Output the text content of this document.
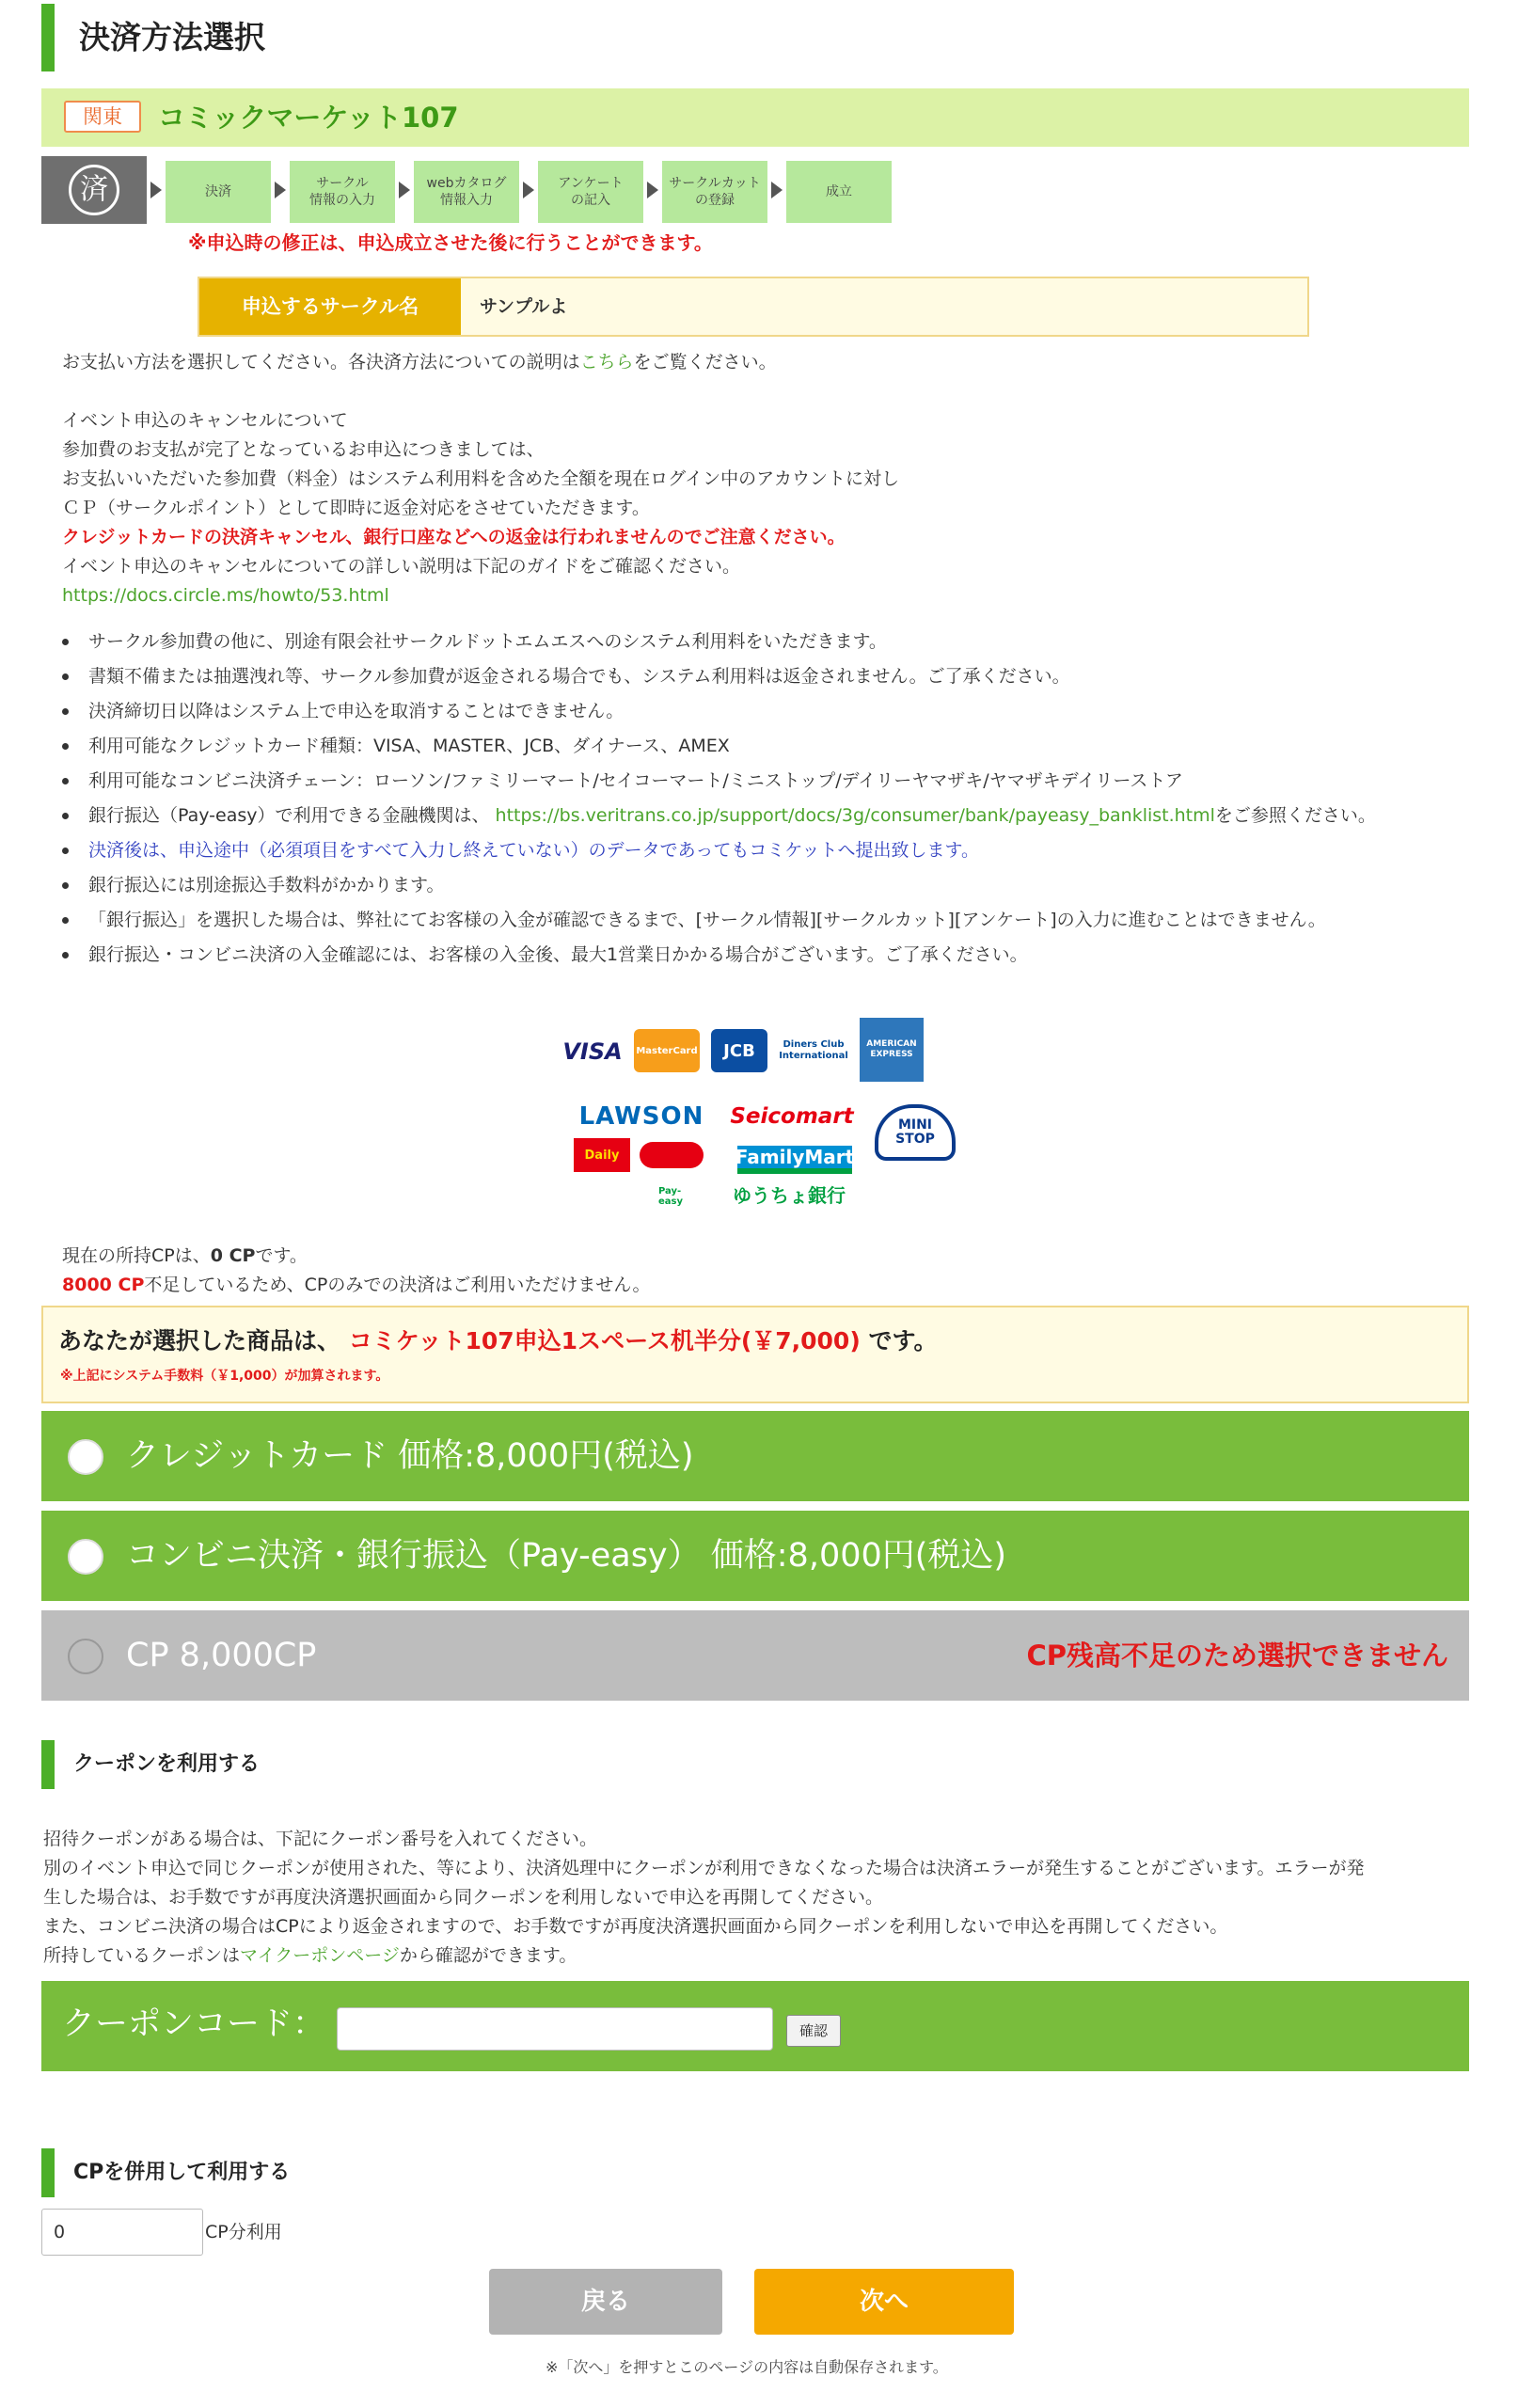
決済方法選択
関東	コミックマーケット107
済	決済
サークル
情報の入力
webカタログ
情報入力
アンケート
の記入
サークルカット
の登録
成立
※申込時の修正は、申込成立させた後に行うことができます。
申込するサークル名	サンプルよ
お支払い方法を選択してください。各決済方法についての説明はこちらをご覧ください。
イベント申込のキャンセルについて
参加費のお支払が完了となっているお申込につきましては、
お支払いいただいた参加費（料金）はシステム利用料を含めた全額を現在ログイン中のアカウントに対し
ＣＰ（サークルポイント）として即時に返金対応をさせていただきます。
クレジットカードの決済キャンセル、銀行口座などへの返金は行われませんのでご注意ください。
イベント申込のキャンセルについての詳しい説明は下記のガイドをご確認ください。
https://docs.circle.ms/howto/53.html
サークル参加費の他に、別途有限会社サークルドットエムエスへのシステム利用料をいただきます。
書類不備または抽選洩れ等、サークル参加費が返金される場合でも、システム利用料は返金されません。ご了承ください。
決済締切日以降はシステム上で申込を取消することはできません。
利用可能なクレジットカード種類：VISA、MASTER、JCB、ダイナース、AMEX
利用可能なコンビニ決済チェーン：ローソン/ファミリーマート/セイコーマート/ミニストップ/デイリーヤマザキ/ヤマザキデイリーストア
銀行振込（Pay-easy）で利用できる金融機関は、 https://bs.veritrans.co.jp/support/docs/3g/consumer/bank/payeasy_banklist.htmlをご参照ください。
決済後は、申込途中（必須項目をすべて入力し終えていない）のデータであってもコミケットへ提出致します。
銀行振込には別途振込手数料がかかります。
「銀行振込」を選択した場合は、弊社にてお客様の入金が確認できるまで、[サークル情報][サークルカット][アンケート]の入力に進むことはできません。
銀行振込・コンビニ決済の入金確認には、お客様の入金後、最大1営業日かかる場合がございます。ご了承ください。
VISA MasterCard	JCB	Diners Club International
AMERICAN EXPRESS
LAWSON	Seicomart	MINI STOP
Daily	FamilyMart
Pay-easy	ゆうちょ銀行
現在の所持CPは、0 CPです。
8000 CP不足しているため、CPのみでの決済はご利用いただけません。
あなたが選択した商品は、 コミケット107申込1スペース机半分(￥7,000) です。
※上記にシステム手数料（￥1,000）が加算されます。
クレジットカード 価格:8,000円(税込)
コンビニ決済・銀行振込（Pay-easy） 価格:8,000円(税込)
CP 8,000CP	CP残高不足のため選択できません
クーポンを利用する
招待クーポンがある場合は、下記にクーポン番号を入れてください。
別のイベント申込で同じクーポンが使用された、等により、決済処理中にクーポンが利用できなくなった場合は決済エラーが発生することがございます。エラーが発
生した場合は、お手数ですが再度決済選択画面から同クーポンを利用しないで申込を再開してください。
また、コンビニ決済の場合はCPにより返金されますので、お手数ですが再度決済選択画面から同クーポンを利用しないで申込を再開してください。
所持しているクーポンはマイクーポンページから確認ができます。
クーポンコード：	確認
CPを併用して利用する
0	CP分利用
戻る	次へ
※「次へ」を押すとこのページの内容は自動保存されます。
